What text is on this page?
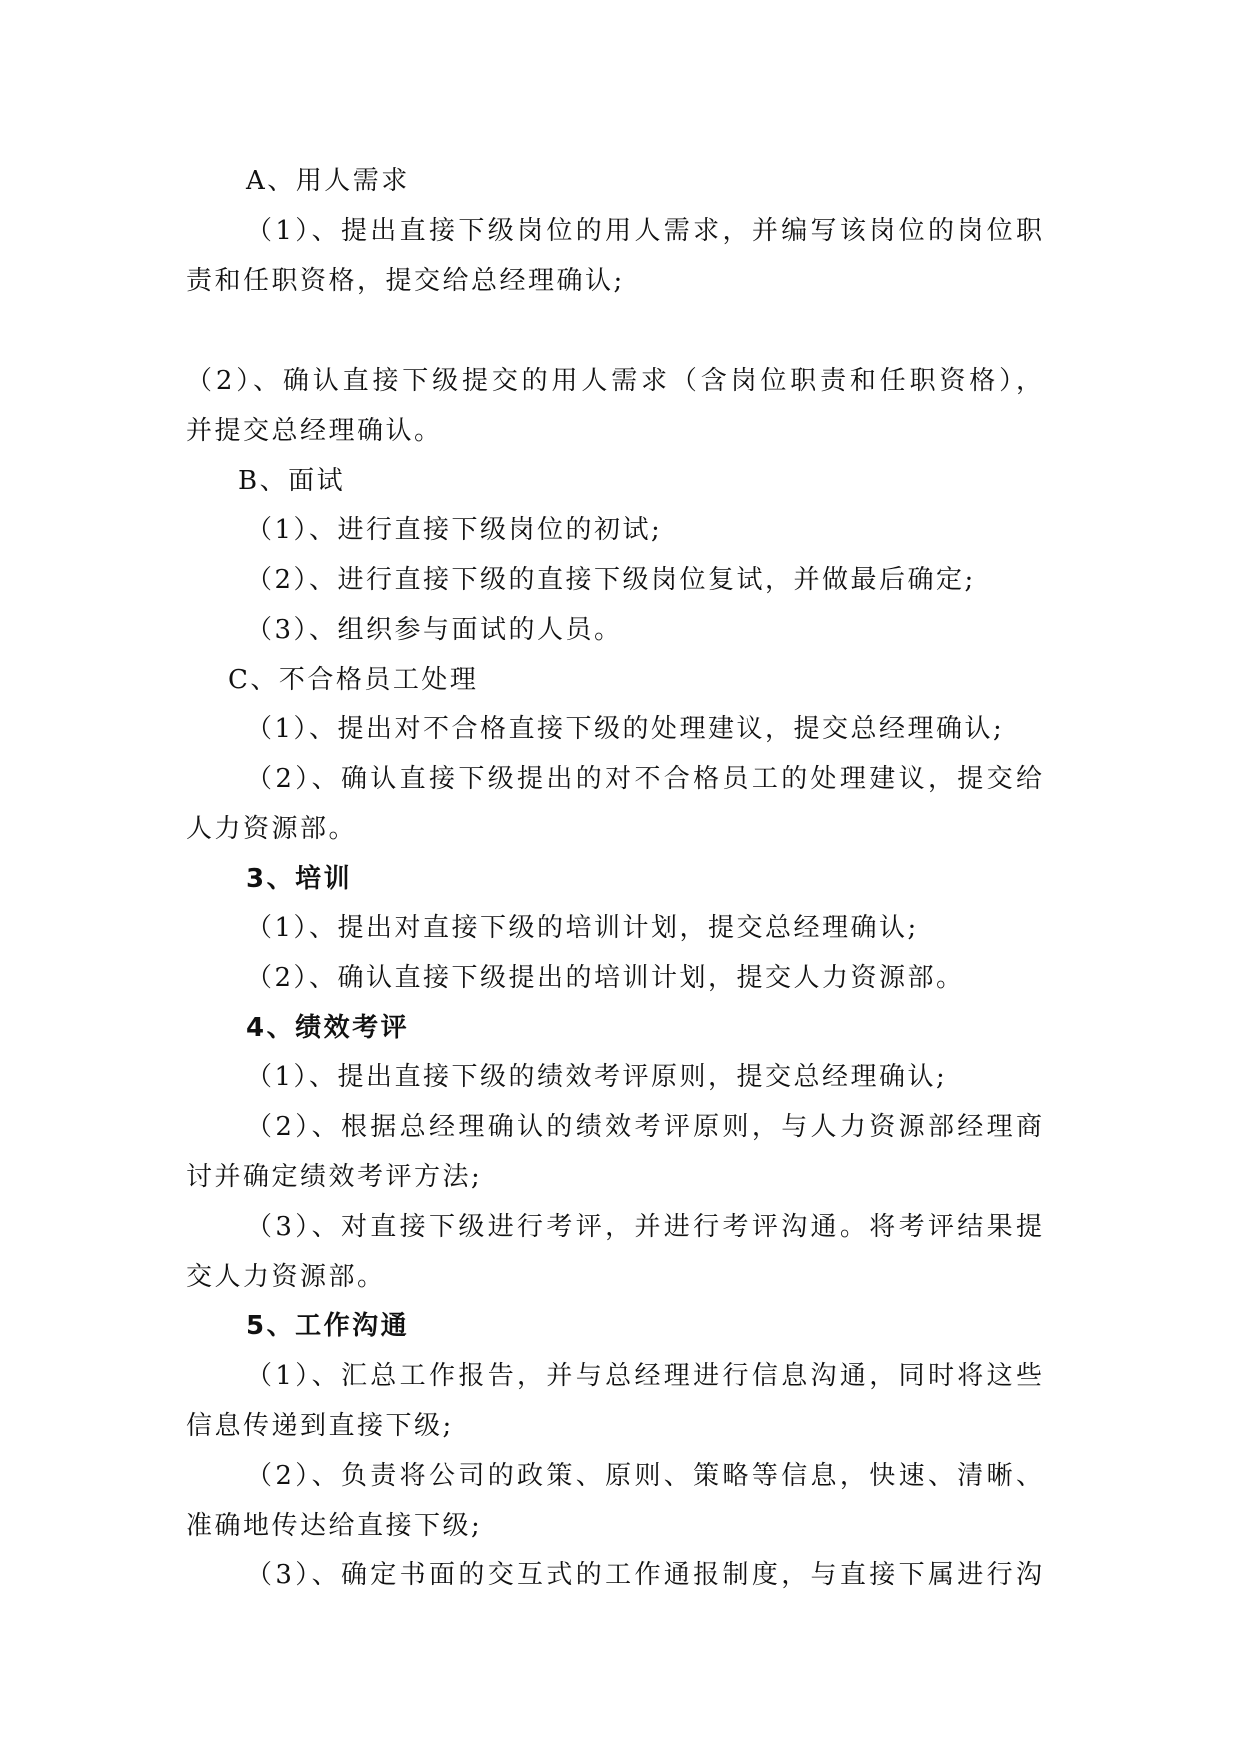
A、用人需求
（1）、提出直接下级岗位的用人需求，并编写该岗位的岗位职
责和任职资格，提交给总经理确认;
（2）、确认直接下级提交的用人需求（含岗位职责和任职资格），
并提交总经理确认。
B、面试
（1）、进行直接下级岗位的初试;
（2）、进行直接下级的直接下级岗位复试，并做最后确定;
（3）、组织参与面试的人员。
C、不合格员工处理
（1）、提出对不合格直接下级的处理建议，提交总经理确认;
（2）、确认直接下级提出的对不合格员工的处理建议，提交给
人力资源部。
3、培训
（1）、提出对直接下级的培训计划，提交总经理确认;
（2）、确认直接下级提出的培训计划，提交人力资源部。
4、绩效考评
（1）、提出直接下级的绩效考评原则，提交总经理确认;
（2）、根据总经理确认的绩效考评原则，与人力资源部经理商
讨并确定绩效考评方法;
（3）、对直接下级进行考评，并进行考评沟通。将考评结果提
交人力资源部。
5、工作沟通
（1）、汇总工作报告，并与总经理进行信息沟通，同时将这些
信息传递到直接下级;
（2）、负责将公司的政策、原则、策略等信息，快速、清晰、
准确地传达给直接下级;
（3）、确定书面的交互式的工作通报制度，与直接下属进行沟
